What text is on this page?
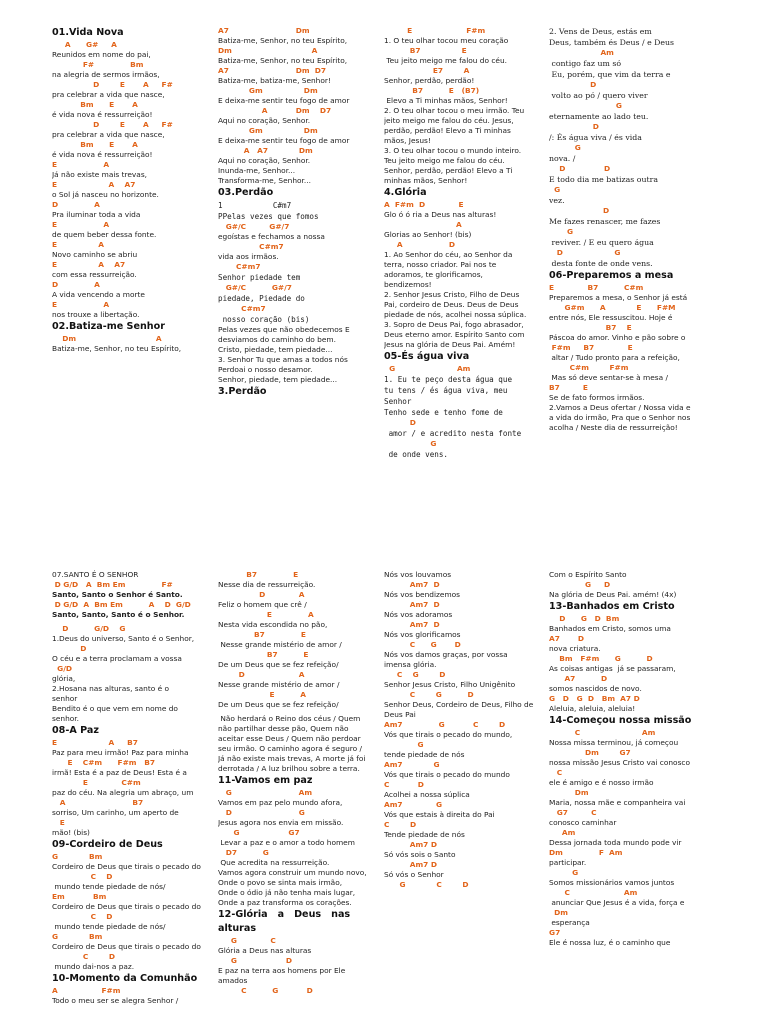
01.Vida Nova
A      G#     A
Reunidos em nome do pai,
F#              Bm
na alegria de sermos irmãos,
D        E       A     F#
pra celebrar a vida que nasce,
Bm      E       A
é vida nova é ressurreição!
D        E       A     F#
pra celebrar a vida que nasce,
Bm      E       A
é vida nova é ressurreição!
E                  A
Já não existe mais trevas,
E                    A    A7
o Sol já nasceu no horizonte.
D              A
Pra iluminar toda a vida
E                  A
de quem beber dessa fonte.
E                A
Novo caminho se abriu
E                A    A7
com essa ressurreição.
D              A
A vida vencendo a morte
E                  A
nos trouxe a libertação.
02.Batiza-me Senhor
Dm                               A
Batiza-me, Senhor, no teu Espírito,
A7                          Dm
Batiza-me, Senhor, no teu Espírito,
Dm                               A
Batiza-me, Senhor, no teu Espírito,
A7                          Dm  D7
Batiza-me, batiza-me, Senhor!
Gm                Dm
E deixa-me sentir teu fogo de amor
A           Dm    D7
Aqui no coração, Senhor.
Gm                Dm
E deixa-me sentir teu fogo de amor
A   A7            Dm
Aqui no coração, Senhor.
Inunda-me, Senhor...
Transforma-me, Senhor...
03.Perdão
1           C#m7
PPelas vezes que fomos
G#/C         G#/7
egoístas e fechamos a nossa
C#m7
vida aos irmãos.
C#m7
Senhor piedade tem
G#/C          G#/7
piedade, Piedade do
C#m7
nosso coração (bis)
Pelas vezes que não obedecemos E
desviamos do caminho do bem.
Cristo, piedade, tem piedade...
3. Senhor Tu que amas a todos nós
Perdoai o nosso desamor.
Senhor, piedade, tem piedade...
3.Perdão
E                     F#m
1. O teu olhar tocou meu coração
B7                E
Teu jeito meigo me falou do céu.
E7        A
Senhor, perdão, perdão!
B7          E   (B7)
Elevo a Ti minhas mãos, Senhor!
2. O teu olhar tocou o meu irmão. Teu
jeito meigo me falou do céu. Jesus,
perdão, perdão! Elevo a Ti minhas
mãos, Jesus!
3. O teu olhar tocou o mundo inteiro.
Teu jeito meigo me falou do céu.
Senhor, perdão, perdão! Elevo a Ti
minhas mãos, Senhor!
4.Glória
A  F#m  D             E
Glo ó ó ria a Deus nas alturas!
A
Glorias ao Senhor! (bis)
A                  D
1. Ao Senhor do céu, ao Senhor da
terra, nosso criador. Pai nos te
adoramos, te glorificamos,
bendizemos!
2. Senhor Jesus Cristo, Filho de Deus
Pai, cordeiro de Deus. Deus de Deus
piedade de nós, acolhei nossa súplica.
3. Sopro de Deus Pai, fogo abrasador,
Deus eterno amor. Espírito Santo com
Jesus na glória de Deus Pai. Amém!
05-És água viva
G                        Am
1. Eu te peço desta água que
tu tens / és água viva, meu
Senhor
Tenho sede e tenho fome de
D
amor / e acredito nesta fonte
G
de onde vens.
2. Vens de Deus, estás em
Deus, também és Deus / e Deus
Am
contigo faz um só
Eu, porém, que vim da terra e
D
volto ao pó / quero viver
G
eternamente ao lado teu.
D
/: És água viva / és vida
G
nova. /
D               D
E todo dia me batizas outra
G
vez.
D
Me fazes renascer, me fazes
G
reviver. / E eu quero água
D                    G
desta fonte de onde vens.
06-Preparemos a mesa
E             B7          C#m
Preparemos a mesa, o Senhor já está
G#m      A            E      F#M
entre nós, Ele ressuscitou. Hoje é
B7    E
Páscoa do amor. Vinho e pão sobre o
F#m     B7             E
altar / Tudo pronto para a refeição,
C#m        F#m
Mas só deve sentar-se à mesa /
B7         E
Se de fato formos irmãos.
2.Vamos a Deus ofertar / Nossa vida e
a vida do irmão, Pra que o Senhor nos
acolha / Neste dia de ressurreição!
07.SANTO É O SENHOR
D G/D   A  Bm Em              F#
Santo, Santo o Senhor é Santo.
D G/D  A  Bm Em          A    D  G/D
Santo, Santo, Santo é o Senhor.
D          G/D    G
1.Deus do universo, Santo é o Senhor,
D
O céu e a terra proclamam a vossa
G/D
glória,
2.Hosana nas alturas, santo é o
senhor
Bendito é o que vem em nome do
senhor.
08-A Paz
E                    A     B7
Paz para meu irmão! Paz para minha
E    C#m      F#m   B7
irmã! Esta é a paz de Deus! Esta é a
E             C#m
paz do céu. Na alegria um abraço, um
A                          B7
sorriso, Um carinho, um aperto de
E
mão! (bis)
09-Cordeiro de Deus
G            Bm
Cordeiro de Deus que tirais o pecado do
C    D
mundo tende piedade de nós/
Em           Bm
Cordeiro de Deus que tirais o pecado do
C    D
mundo tende piedade de nós/
G            Bm
Cordeiro de Deus que tirais o pecado do
C        D
mundo dai-nos a paz.
10-Momento da Comunhão
A                 F#m
Todo o meu ser se alegra Senhor /
B7              E
Nesse dia de ressurreição.
D             A
Feliz o homem que crê /
E              A
Nesta vida escondida no pão,
B7              E
Nesse grande mistério de amor /
B7          E
De um Deus que se fez refeição/
D                     A
Nesse grande mistério de amor /
E          A
De um Deus que se fez refeição/
Não herdará o Reino dos céus / Quem
não partilhar desse pão, Quem não
aceitar esse Deus / Quem não perdoar
seu irmão. O caminho agora é seguro /
Já não existe mais trevas, A morte já foi
derrotada / A luz brilhou sobre a terra.
11-Vamos em paz
G                          Am
Vamos em paz pelo mundo afora,
D                          G
Jesus agora nos envia em missão.
G                   G7
Levar a paz e o amor a todo homem
D7          G
Que acredita na ressurreição.
Vamos agora construir um mundo novo,
Onde o povo se sinta mais irmão,
Onde o ódio já não tenha mais lugar,
Onde a paz transforma os corações.
12-Glória   a   Deus   nas
alturas
G             C
Glória a Deus nas alturas
G                   D
E paz na terra aos homens por Ele
amados
C          G           D
Nós vos louvamos
Am7  D
Nós vos bendizemos
Am7  D
Nós vos adoramos
Am7  D
Nós vos glorificamos
C      G       D
Nós vos damos graças, por vossa
imensa glória.
C    G        D
Senhor Jesus Cristo, Filho Unigênito
C        G          D
Senhor Deus, Cordeiro de Deus, Filho de
Deus Pai
Am7              G           C        D
Vós que tirais o pecado do mundo,
G
tende piedade de nós
Am7            G
Vós que tirais o pecado do mundo
C           D
Acolhei a nossa súplica
Am7             G
Vós que estais à direita do Pai
C        D
Tende piedade de nós
Am7 D
Só vós sois o Santo
Am7 D
Só vós o Senhor
G            C        D
Com o Espírito Santo
G     D
Na glória de Deus Pai. amém! (4x)
13-Banhados em Cristo
D      G   D  Bm
Banhados em Cristo, somos uma
A7       D
nova criatura.
Bm   F#m      G          D
As coisas antigas  já se passaram,
A7          D
somos nascidos de novo.
G   D   G  D   Bm  A7 D
Aleluia, aleluia, aleluia!
14-Começou nossa missão
C                        Am
Nossa missa terminou, já começou
Dm        G7
nossa missão Jesus Cristo vai conosco
C
ele é amigo e é nosso irmão
Dm
Maria, nossa mãe e companheira vai
G7         C
conosco caminhar
Am
Dessa jornada toda mundo pode vir
Dm              F  Am
participar.
G
Somos missionários vamos juntos
C                     Am
anunciar Que Jesus é a vida, força e
Dm
esperança
G7
Ele é nossa luz, é o caminho que
